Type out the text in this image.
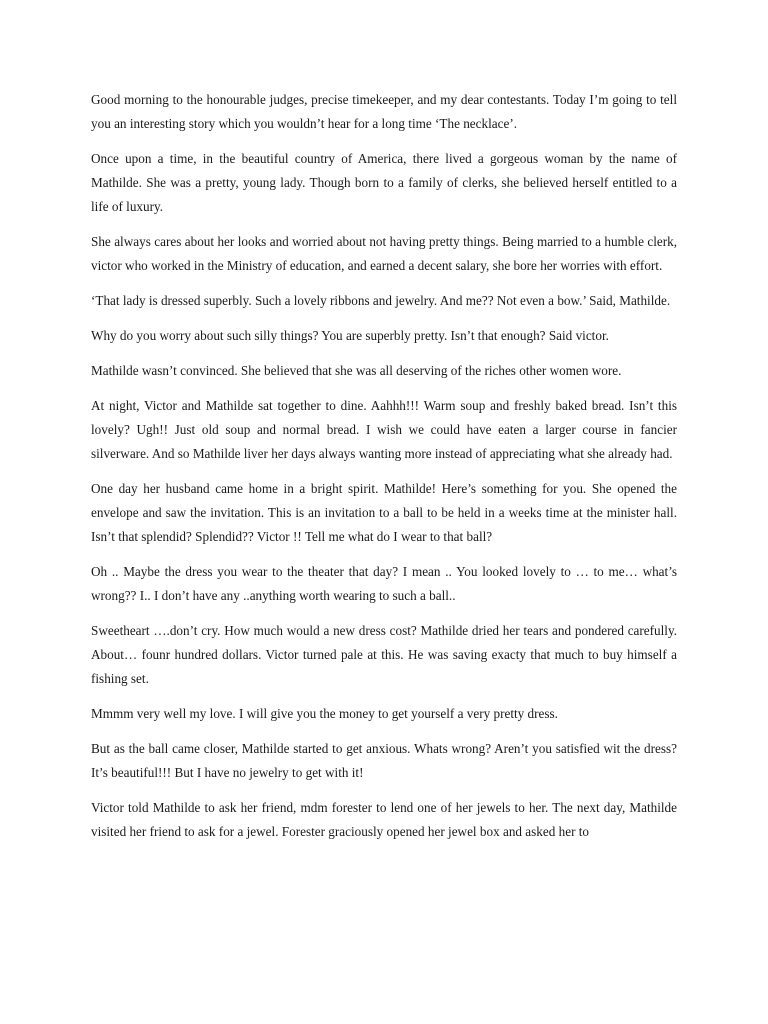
Good morning to the honourable judges, precise timekeeper, and my dear contestants. Today I’m going to tell you an interesting story which you wouldn’t hear for a long time ‘The necklace’.

Once upon a time, in the beautiful country of America, there lived a gorgeous woman by the name of Mathilde. She was a pretty, young lady. Though born to a family of clerks, she believed herself entitled to a life of luxury.

She always cares about her looks and worried about not having pretty things. Being married to a humble clerk, victor who worked in the Ministry of education, and earned a decent salary, she bore her worries with effort.

‘That lady is dressed superbly. Such a lovely ribbons and jewelry. And me?? Not even a bow.’ Said, Mathilde.

Why do you worry about such silly things? You are superbly pretty. Isn’t that enough? Said victor.

Mathilde wasn’t convinced. She believed that she was all deserving of the riches other women wore.

At night, Victor and Mathilde sat together to dine. Aahhh!!! Warm soup and freshly baked bread. Isn’t this lovely? Ugh!! Just old soup and normal bread. I wish we could have eaten a larger course in fancier silverware. And so Mathilde liver her days always wanting more instead of appreciating what she already had.

One day her husband came home in a bright spirit. Mathilde! Here’s something for you. She opened the envelope and saw the invitation. This is an invitation to a ball to be held in a weeks time at the minister hall. Isn’t that splendid? Splendid?? Victor !! Tell me what do I wear to that ball?

Oh .. Maybe the dress you wear to the theater that day? I mean .. You looked lovely to … to me… what’s wrong?? I.. I don’t have any ..anything worth wearing to such a ball..

Sweetheart ….don’t cry. How much would a new dress cost? Mathilde dried her tears and pondered carefully. About… founr hundred dollars. Victor turned pale at this. He was saving exacty that much to buy himself a fishing set.

Mmmm very well my love. I will give you the money to get yourself a very pretty dress.

But as the ball came closer, Mathilde started to get anxious. Whats wrong? Aren’t you satisfied wit the dress? It’s beautiful!!! But I have no jewelry to get with it!

Victor told Mathilde to ask her friend, mdm forester to lend one of her jewels to her. The next day, Mathilde visited her friend to ask for a jewel. Forester graciously opened her jewel box and asked her to
